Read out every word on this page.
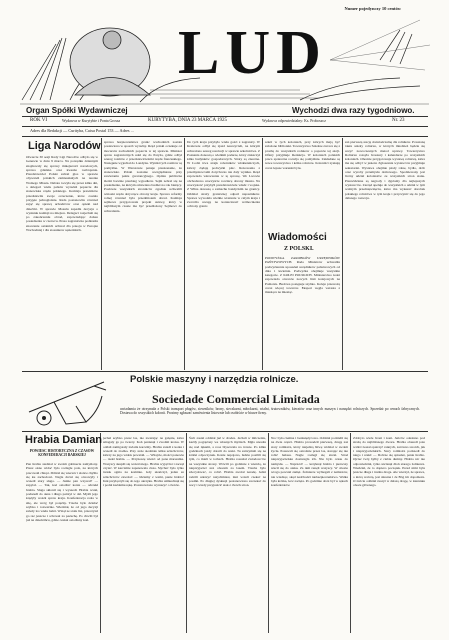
Numer pojedynczy 10 centów
LUD
Organ Spółki Wydawniczej	Wychodzi dwa razy tygodniowo.
ROK VI	Wydawca w Kurytybie i Ponta Grossa	KURYTYBA, DNIA 23 MARCA 1925	Wydawca odpowiedzialny: Ks. Proboszcz	Nr. 23
Adres dla Redakcji — Curityba, Caixa Postal 153 — Adres ...
Liga Narodów
Otwarcie 30 sesji Rady Ligi Narodów odbyło się w Genewie w dniu 9 marca. Na porządku dziennym znajdowały się sprawy mniejszości narodowych, sprawa gdańska oraz kwestie rozbrojenia. Przedstawiciel Polski zabrał głos w sprawie obywateli polskich zamieszkałych na terenie Wolnego Miasta. Debata toczyła się przez kilka dni, a delegaci wielu państw wyrażali poparcie dla stanowiska rządu polskiego. Komisja prawników przedstawiła swoje orzeczenie, które zostało przyjęte jednogłośnie. Rada postanowiła również zająć się sprawą uchodźców oraz opieki nad dziećmi. W sprawie Mosulu zapadła decyzja o wysłaniu komisji na miejsce. Delegaci rozjechali się po zakończeniu obrad, zapowiadając dalsze posiedzenia w czerwcu. Prasa zagraniczna podkreśla znaczenie ostatnich uchwał dla pokoju w Europie Wschodniej i dla stosunków sąsiedzkich.
sprawa bezpieczeństwa granic wschodnich została postawiona w sposób wyraźny. Rząd polski oczekuje od mocarstw zachodnich poparcia w tej sprawie. Minister spraw zagranicznych udał się do Paryża, gdzie odbył szereg rozmów z przedstawicielami rządu francuskiego. Następnie wyjechał do Londynu. Wyniki tych rozmów są pomyślne. W Warszawie panuje przekonanie, że stanowisko Polski zostanie uwzględnione przy zawieraniu paktu gwarancyjnego. Opinia publiczna śledzi bacznie przebieg wypadków. Sejm zebrał się na posiedzenie, na którym omawiano budżet na rok bieżący. Posłowie wszystkich stronnictw zgodnie uchwalili wnioski rządu dotyczące obrony kraju. Sprawa reformy rolnej również była przedmiotem obrad. Komisja sejmowa przygotowała projekt ustawy, który w najbliższym czasie ma być przedłożony Sejmowi do uchwalenia.
Do tych kraju przybyło wielu gości z zagranicy. W Krakowie odbył się zjazd nauczycieli, na którym uchwalono szereg rezolucji w sprawie szkolnictwa. Z Poznania donoszą o wielkim pożarze, który zniszczył kilka budynków gospodarczych. Straty są znaczne. W Łodzi trwa strajk robotników włókienniczych, którzy żądają podwyżki płac. Rokowania z przemysłowcami dotychczas nie dały wyniku. Rząd zapowiada wkroczenie w tę sprawę. We Lwowie obchodzono uroczyście rocznicę obrony miasta. Na uroczystość przybyli przedstawiciele władz i wojska. Z Wilna donoszą o zamachu bandyckim na granicy. Oddział straży granicznej odparł napastników. Sprawa wywołała wielkie wrażenie w całym kraju i zwróciła uwagę na konieczność wzmocnienia ochrony granic.
szkół w tych koloniach, przy których mają być założone biblioteki. Towarzystwo Szkolne zwraca się z prośbą do wszystkich rodaków o poparcie tej akcji. Ofiary przyjmuje Redakcja. W koloniach polskich praca społeczna rozwija się pomyślnie. Zakładane są nowe towarzystwa i kółka rolnicze. Koloniści zyskują coraz lepsze warunki bytu.
Wiadomości
Z POLSKI.
PODWYŻKA ZAROBKÓW URZĘDNIKÓW PAŃSTWOWYCH. Rada Ministrów uchwaliła podwyższenie uposażeń urzędników państwowych od dnia 1 kwietnia. Podwyżka obejmuje wszystkie kategorie. Z KOLEI POLSKICH. Ministerstwo kolei zapowiada otwarcie nowych linii kolejowych na Pomorzu. Budowa postępuje szybko. Koleje przewożą coraz więcej towarów. Eksport węgla wzrasta z miesiąca na miesiąc.
zaś pierwszą stacją doświadczalną dla rolników. Powstaną także szkoły rolnicze, w których młodzież będzie się uczyć nowoczesnych metod uprawy. Towarzystwo Rolnicze rozsyła broszury i kalendarze po wszystkich koloniach. Obecnie przygotowuje wystawę rolniczą, która ma się odbyć w jesieni. Zgłoszenia wystawców przyjmuje sekretariat. Wystawa obejmie płody rolne, bydło, drób oraz wyroby przemysłu domowego. Spodziewany jest liczny udział kolonistów ze wszystkich stron stanu. Przewidziane są nagrody i dyplomy dla najlepszych wystawców. Zarząd apeluje do wszystkich o udział w tym ważnym przedsięwzięciu, które ma wykazać dorobek polskiego rolnictwa w tym kraju i przyczynić się do jego dalszego rozwoju.
Polskie maszyny i narzędzia rolnicze.
Sociedade Commercial Limitada
uwiadamia że otrzymała z Polski transport pługów, siewników, brony, sieczkarni, młockarni, wialni, śrutowników, kieratów oraz innych maszyn i narzędzi rolniczych. Sprzedaż po cenach fabrycznych. Dostawa do wszystkich kolonii. Prosimy zgłaszać zamówienia listownie lub osobiście w biurze firmy.
Hrabia Damian
POWIEŚĆ HISTORYCZNA Z CZASÓW KONFEDERACJI BARSKIEJ
Pan hrabia siedział w swoim gabinecie zamyślony. Przez okno widać było rozległe pola, na których pracowali chłopi. Zbliżał się wieczór i słońce chyliło się ku zachodowi. Nagle drzwi się otworzyły i wszedł stary sługa. — Jaśnie pan wzywał? — zapytał. — Tak, każ osiodłać konia — odrzekł hrabia. Sługa skłonił się i wyszedł. Hrabia wstał, podszedł do okna i długo patrzył w dal. Myśli jego krążyły wokół spraw kraju. Konfederacja rosła w siłę, ale wróg był potężny. Trzeba było działać szybko i rozważnie. Wiedział, że od jego decyzji zależy los wielu ludzi. Wziął ze stołu list, przeczytał go raz jeszcze i schował za pazuchę. Po chwili był już na dziedzińcu, gdzie czekał osiodłany koń.
jechał szybko przez las, nie zważając na gałęzie, które smagały go po twarzy. Koń parsknął i zwolnił kroku. W oddali zamigotały światła karczmy. Hrabia zsiadł z konia i wszedł do środka. Przy stole siedziało kilku szlachciców, którzy na jego widok powstali. — Witajcie, mości panowie — rzekł hrabia. — Przynoszę wieści od pana marszałka. Wszyscy skupili się wokół niego. Hrabia wyjął list i zaczął czytać. W karczmie zapanowała cisza. Słychać było tylko trzask ognia na kominie. Gdy skończył, jeden ze szlachciców zawołał: — Idziemy z wami, panie hrabio! Inni przyłączyli się do tego okrzyku. Hrabia uśmiechnął się i podał każdemu rękę. Postanowiono wyruszyć o świcie.
Świt zastał oddział już w drodze. Jechali w milczeniu, każdy pogrążony we własnych myślach. Mgła unosiła się nad łąkami, a rosa błyszczała na trawie. Po kilku godzinach jazdy dotarli do rzeki. Tu zatrzymali się na krótki odpoczynek. Konie napojono, ludzie posilili się tym, co mieli w torbach. Hrabia rozesłał zwiadowców na wszystkie strony. Wrócili po godzinie z wieścią, że nieprzyjaciel stoi obozem za lasem. Trzeba było zdecydować, co robić. Hrabia zwołał naradę. Jedni radzili uderzyć natychmiast, inni woleli czekać na posiłki. Po długiej dyskusji postanowiono zaczekać do nocy i wtedy przypuścić atak z dwóch stron.
Noc była ciemna i bezksiężycowa. Oddział podzielił się na dwie części. Hrabia prowadził pierwszą, drugą zaś stary rotmistrz, który niejedną bitwę widział w swoim życiu. Posuwali się ostrożnie przez las, starając się nie robić hałasu. Nagle rozległ się strzał. Straż nieprzyjacielska dostrzegła ich. Nie było czasu do namysłu. — Naprzód! — krzyknął hrabia i pierwszy rzucił się do ataku. Za nim runęli wszyscy. W obozie wroga powstał zamęt. Żołnierze wybiegali z namiotów, nie wiedząc, skąd nadchodzi niebezpieczeństwo. Walka była krótka, lecz zacięta. Po godzinie obóz był w rękach konfederatów.
Zdobyto wiele broni i koni. Jeńców odesłano pod strażą do najbliższego dworu. Hrabia obszedł pole walki i kazał opatrzyć rannych, zarówno swoich, jak i nieprzyjacielskich. Stary rotmistrz podszedł do niego i rzekł: — Dobrze się spisałeś, panie hrabio. Ojciec twój byłby z ciebie dumny. Hrabia nic nie odpowiedział, tylko uścisnął dłoń starego żołnierza. Wiedział, że to dopiero początek. Przed nimi była jeszcze długa i trudna droga. Ale wierzył, że sprawa, o którą walczą, jest słuszna i że Bóg im dopomoże. O świcie oddział ruszył w dalszą drogę, w kierunku obozu głównego.
